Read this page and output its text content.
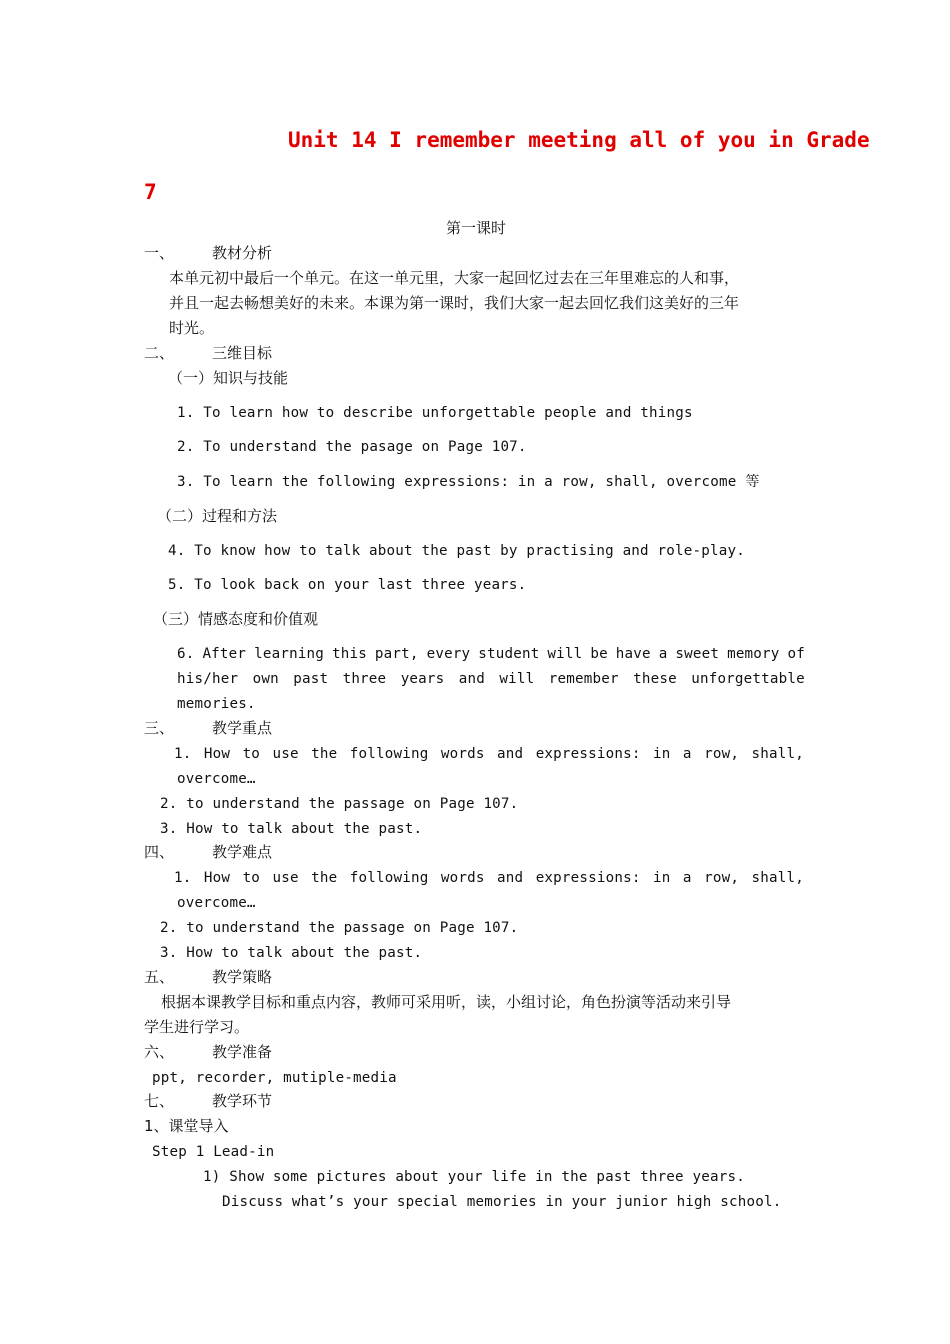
Unit 14 I remember meeting all of you in Grade
7
第一课时
一、	教材分析
本单元初中最后一个单元。在这一单元里，大家一起回忆过去在三年里难忘的人和事，
并且一起去畅想美好的未来。本课为第一课时，我们大家一起去回忆我们这美好的三年
时光。
二、	三维目标
（一）知识与技能
1. To learn how to describe unforgettable people and things
2. To understand the pasage on Page 107.
3. To learn the following expressions: in a row, shall, overcome 等
（二）过程和方法
4. To know how to talk about the past by practising and role-play.
5. To look back on your last three years.
（三）情感态度和价值观
6. After learning this part, every student will be have a sweet memory of
his/her own past three years and will remember these unforgettable
memories.
三、	教学重点
1. How to use the following words and expressions: in a row, shall,
overcome…
2. to understand the passage on Page 107.
3. How to talk about the past.
四、	教学难点
1. How to use the following words and expressions: in a row, shall,
overcome…
2. to understand the passage on Page 107.
3. How to talk about the past.
五、	教学策略
根据本课教学目标和重点内容，教师可采用听，读，小组讨论，角色扮演等活动来引导
学生进行学习。
六、	教学准备
ppt, recorder, mutiple-media
七、	教学环节
1、课堂导入
Step 1 Lead-in
1) Show some pictures about your life in the past three years.
Discuss what’s your special memories in your junior high school.
